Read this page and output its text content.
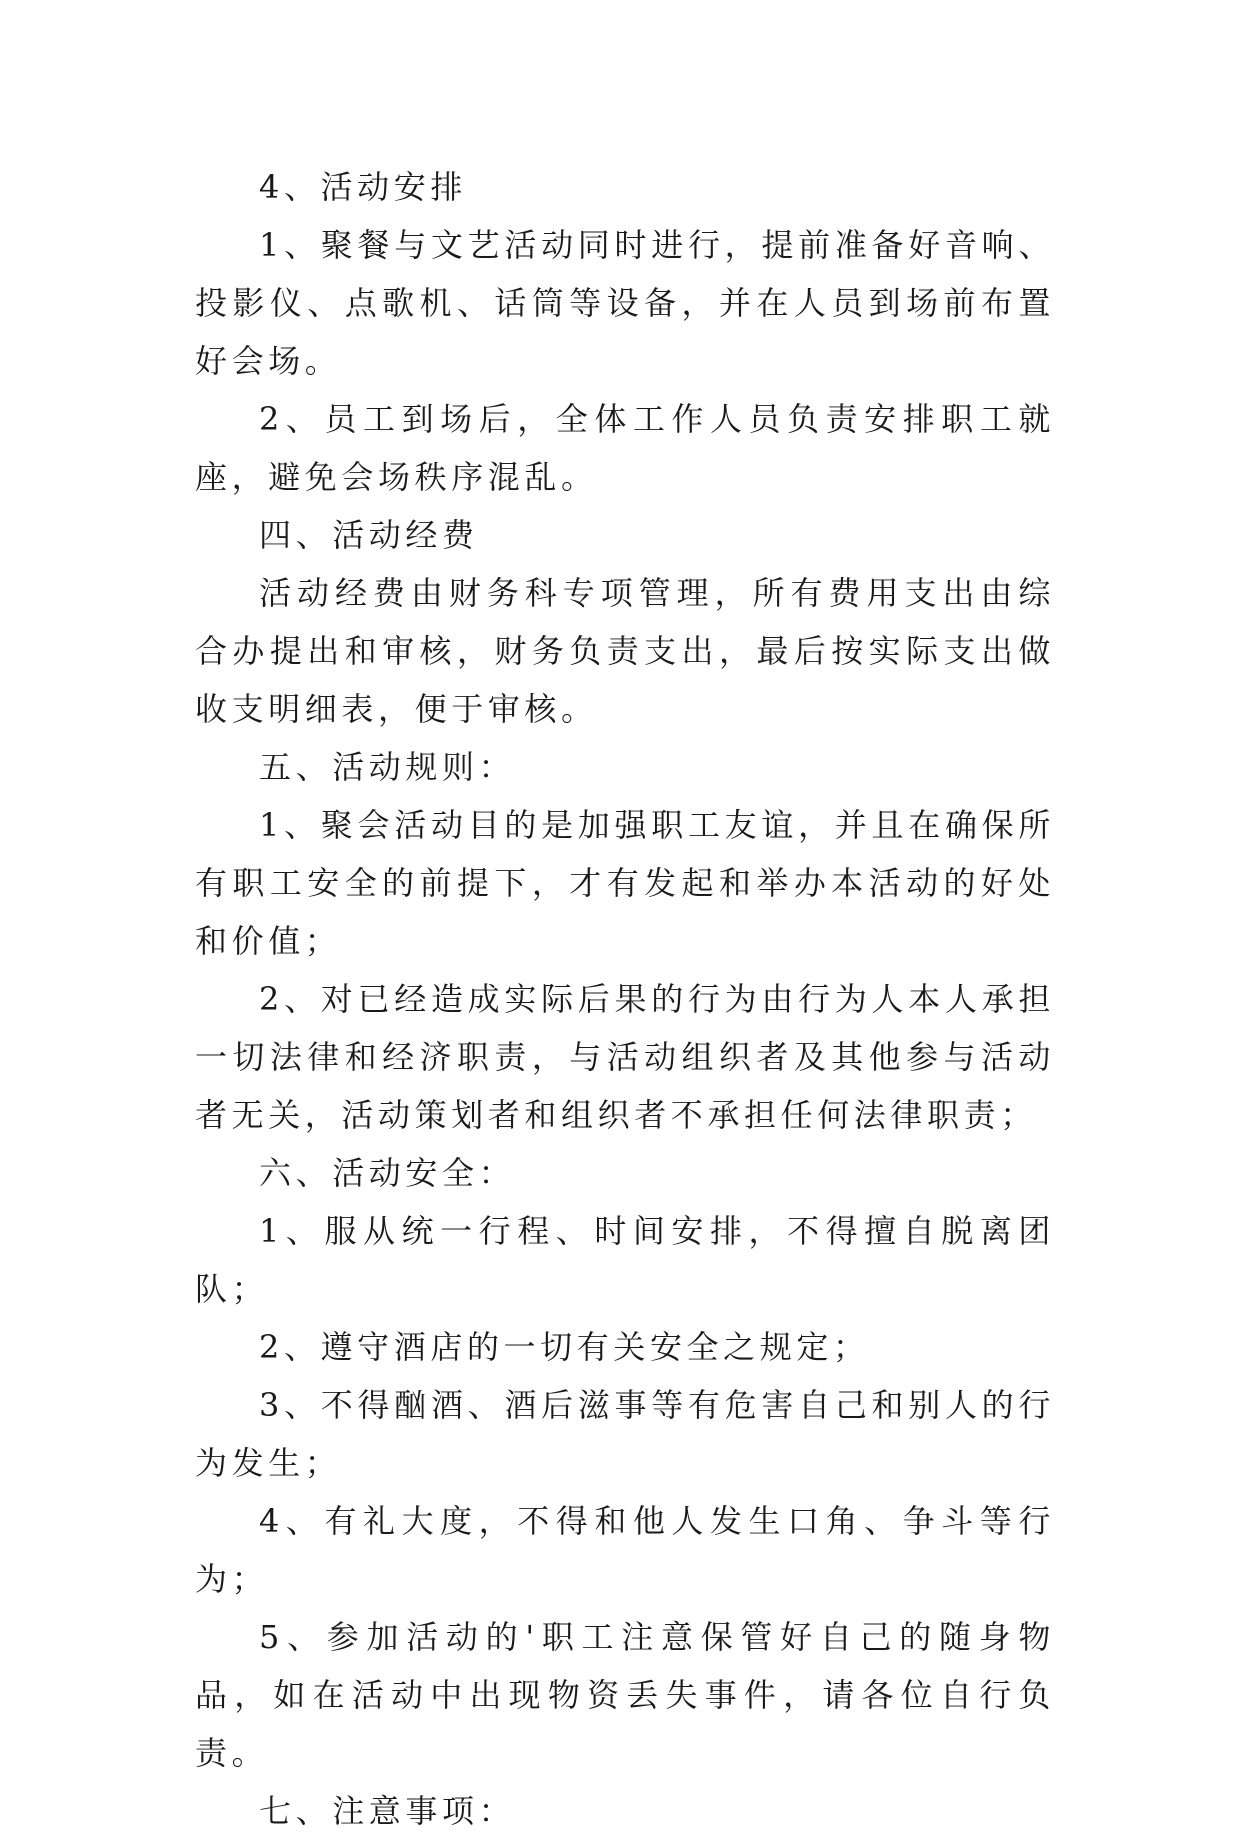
4、活动安排

1、聚餐与文艺活动同时进行，提前准备好音响、投影仪、点歌机、话筒等设备，并在人员到场前布置好会场。

2、员工到场后，全体工作人员负责安排职工就座，避免会场秩序混乱。

四、活动经费

活动经费由财务科专项管理，所有费用支出由综合办提出和审核，财务负责支出，最后按实际支出做收支明细表，便于审核。

五、活动规则：

1、聚会活动目的是加强职工友谊，并且在确保所有职工安全的前提下，才有发起和举办本活动的好处和价值；

2、对已经造成实际后果的行为由行为人本人承担一切法律和经济职责，与活动组织者及其他参与活动者无关，活动策划者和组织者不承担任何法律职责；

六、活动安全：

1、服从统一行程、时间安排，不得擅自脱离团队；

2、遵守酒店的一切有关安全之规定；

3、不得酗酒、酒后滋事等有危害自己和别人的行为发生；

4、有礼大度，不得和他人发生口角、争斗等行为；

5、参加活动的'职工注意保管好自己的随身物品，如在活动中出现物资丢失事件，请各位自行负责。

七、注意事项：
